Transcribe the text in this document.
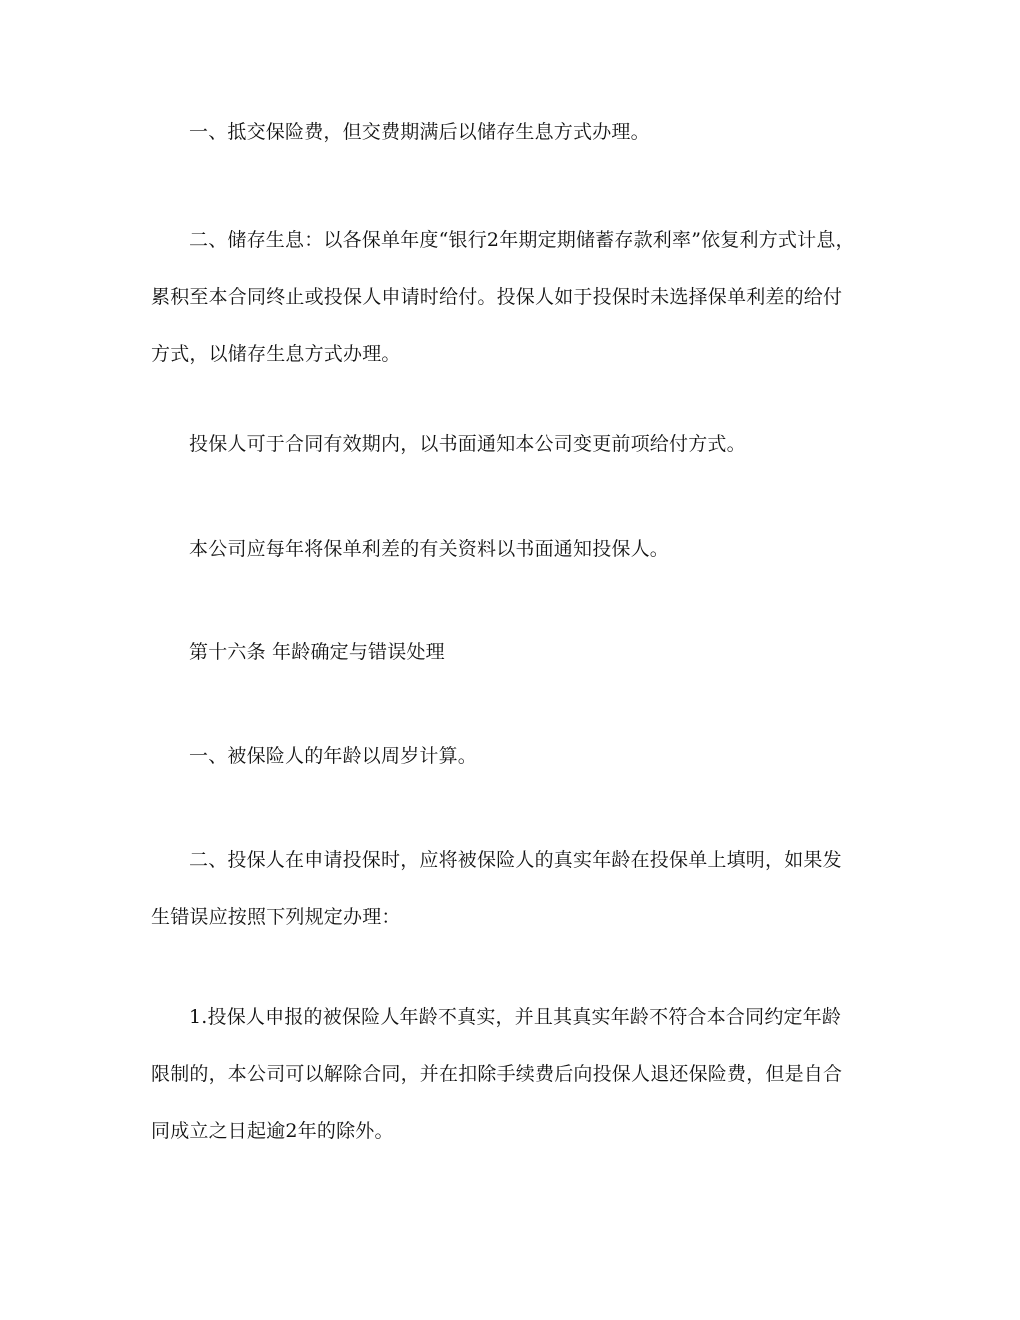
一、抵交保险费，但交费期满后以储存生息方式办理。

二、储存生息：以各保单年度“银行2年期定期储蓄存款利率”依复利方式计息，
累积至本合同终止或投保人申请时给付。投保人如于投保时未选择保单利差的给付
方式，以储存生息方式办理。

投保人可于合同有效期内，以书面通知本公司变更前项给付方式。

本公司应每年将保单利差的有关资料以书面通知投保人。

第十六条 年龄确定与错误处理

一、被保险人的年龄以周岁计算。

二、投保人在申请投保时，应将被保险人的真实年龄在投保单上填明，如果发
生错误应按照下列规定办理：

1.投保人申报的被保险人年龄不真实，并且其真实年龄不符合本合同约定年龄
限制的，本公司可以解除合同，并在扣除手续费后向投保人退还保险费，但是自合
同成立之日起逾2年的除外。
